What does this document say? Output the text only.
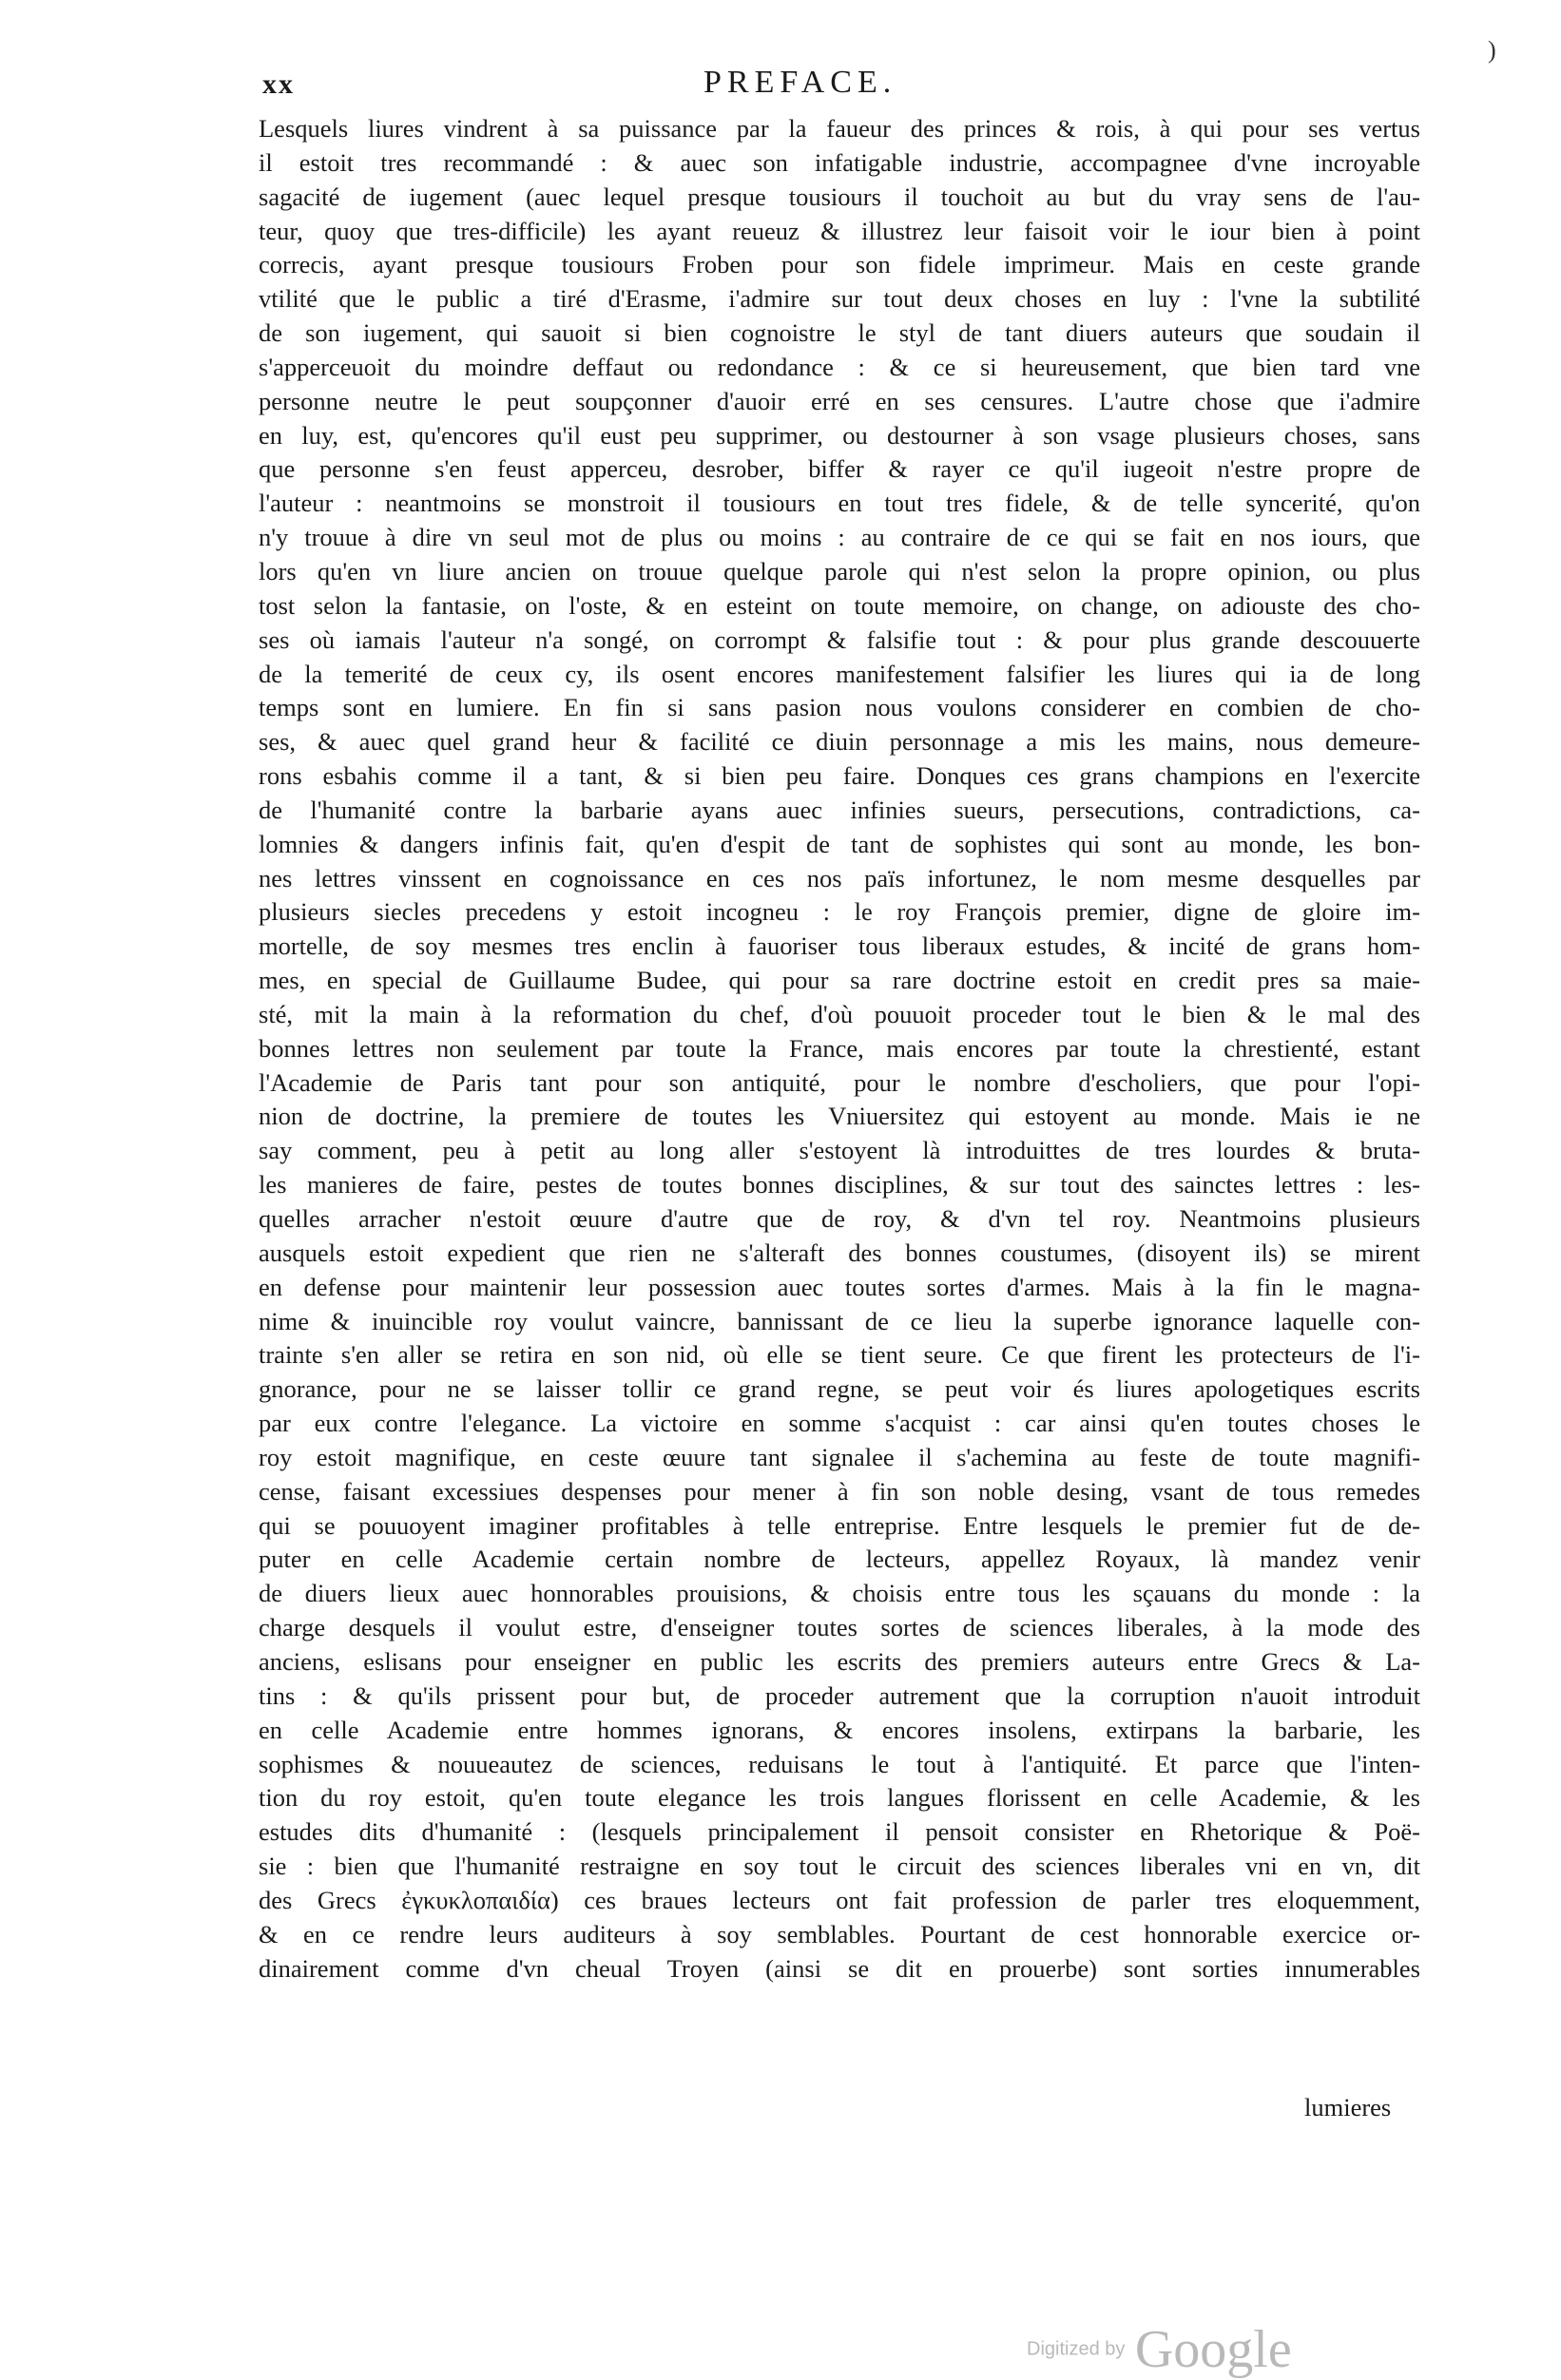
xx	PREFACE.
)
Lesquels liures vindrent à sa puissance par la faueur des princes & rois, à qui pour ses vertus
il estoit tres recommandé : & auec son infatigable industrie, accompagnee d'vne incroyable
sagacité de iugement (auec lequel presque tousiours il touchoit au but du vray sens de l'au-
teur, quoy que tres-difficile) les ayant reueuz & illustrez leur faisoit voir le iour bien à point
correcis, ayant presque tousiours Froben pour son fidele imprimeur. Mais en ceste grande
vtilité que le public a tiré d'Erasme, i'admire sur tout deux choses en luy : l'vne la subtilité
de son iugement, qui sauoit si bien cognoistre le styl de tant diuers auteurs que soudain il
s'apperceuoit du moindre deffaut ou redondance : & ce si heureusement, que bien tard vne
personne neutre le peut soupçonner d'auoir erré en ses censures. L'autre chose que i'admire
en luy, est, qu'encores qu'il eust peu supprimer, ou destourner à son vsage plusieurs choses, sans
que personne s'en feust apperceu, desrober, biffer & rayer ce qu'il iugeoit n'estre propre de
l'auteur : neantmoins se monstroit il tousiours en tout tres fidele, & de telle syncerité, qu'on
n'y trouue à dire vn seul mot de plus ou moins : au contraire de ce qui se fait en nos iours, que
lors qu'en vn liure ancien on trouue quelque parole qui n'est selon la propre opinion, ou plus
tost selon la fantasie, on l'oste, & en esteint on toute memoire, on change, on adiouste des cho-
ses où iamais l'auteur n'a songé, on corrompt & falsifie tout : & pour plus grande descouuerte
de la temerité de ceux cy, ils osent encores manifestement falsifier les liures qui ia de long
temps sont en lumiere. En fin si sans pasion nous voulons considerer en combien de cho-
ses, & auec quel grand heur & facilité ce diuin personnage a mis les mains, nous demeure-
rons esbahis comme il a tant, & si bien peu faire. Donques ces grans champions en l'exercite
de l'humanité contre la barbarie ayans auec infinies sueurs, persecutions, contradictions, ca-
lomnies & dangers infinis fait, qu'en d'espit de tant de sophistes qui sont au monde, les bon-
nes lettres vinssent en cognoissance en ces nos païs infortunez, le nom mesme desquelles par
plusieurs siecles precedens y estoit incogneu : le roy François premier, digne de gloire im-
mortelle, de soy mesmes tres enclin à fauoriser tous liberaux estudes, & incité de grans hom-
mes, en special de Guillaume Budee, qui pour sa rare doctrine estoit en credit pres sa maie-
sté, mit la main à la reformation du chef, d'où pouuoit proceder tout le bien & le mal des
bonnes lettres non seulement par toute la France, mais encores par toute la chrestienté, estant
l'Academie de Paris tant pour son antiquité, pour le nombre d'escholiers, que pour l'opi-
nion de doctrine, la premiere de toutes les Vniuersitez qui estoyent au monde. Mais ie ne
say comment, peu à petit au long aller s'estoyent là introduittes de tres lourdes & bruta-
les manieres de faire, pestes de toutes bonnes disciplines, & sur tout des sainctes lettres : les-
quelles arracher n'estoit œuure d'autre que de roy, & d'vn tel roy. Neantmoins plusieurs
ausquels estoit expedient que rien ne s'alteraft des bonnes coustumes, (disoyent ils) se mirent
en defense pour maintenir leur possession auec toutes sortes d'armes. Mais à la fin le magna-
nime & inuincible roy voulut vaincre, bannissant de ce lieu la superbe ignorance laquelle con-
trainte s'en aller se retira en son nid, où elle se tient seure. Ce que firent les protecteurs de l'i-
gnorance, pour ne se laisser tollir ce grand regne, se peut voir és liures apologetiques escrits
par eux contre l'elegance. La victoire en somme s'acquist : car ainsi qu'en toutes choses le
roy estoit magnifique, en ceste œuure tant signalee il s'achemina au feste de toute magnifi-
cense, faisant excessiues despenses pour mener à fin son noble desing, vsant de tous remedes
qui se pouuoyent imaginer profitables à telle entreprise. Entre lesquels le premier fut de de-
puter en celle Academie certain nombre de lecteurs, appellez Royaux, là mandez venir
de diuers lieux auec honnorables prouisions, & choisis entre tous les sçauans du monde : la
charge desquels il voulut estre, d'enseigner toutes sortes de sciences liberales, à la mode des
anciens, eslisans pour enseigner en public les escrits des premiers auteurs entre Grecs & La-
tins : & qu'ils prissent pour but, de proceder autrement que la corruption n'auoit introduit
en celle Academie entre hommes ignorans, & encores insolens, extirpans la barbarie, les
sophismes & nouueautez de sciences, reduisans le tout à l'antiquité. Et parce que l'inten-
tion du roy estoit, qu'en toute elegance les trois langues florissent en celle Academie, & les
estudes dits d'humanité : (lesquels principalement il pensoit consister en Rhetorique & Poë-
sie : bien que l'humanité restraigne en soy tout le circuit des sciences liberales vni en vn, dit
des Grecs ἐγκυκλοπαιδία) ces braues lecteurs ont fait profession de parler tres eloquemment,
& en ce rendre leurs auditeurs à soy semblables. Pourtant de cest honnorable exercice or-
dinairement comme d'vn cheual Troyen (ainsi se dit en prouerbe) sont sorties innumerables
lumieres
Digitized by Google
